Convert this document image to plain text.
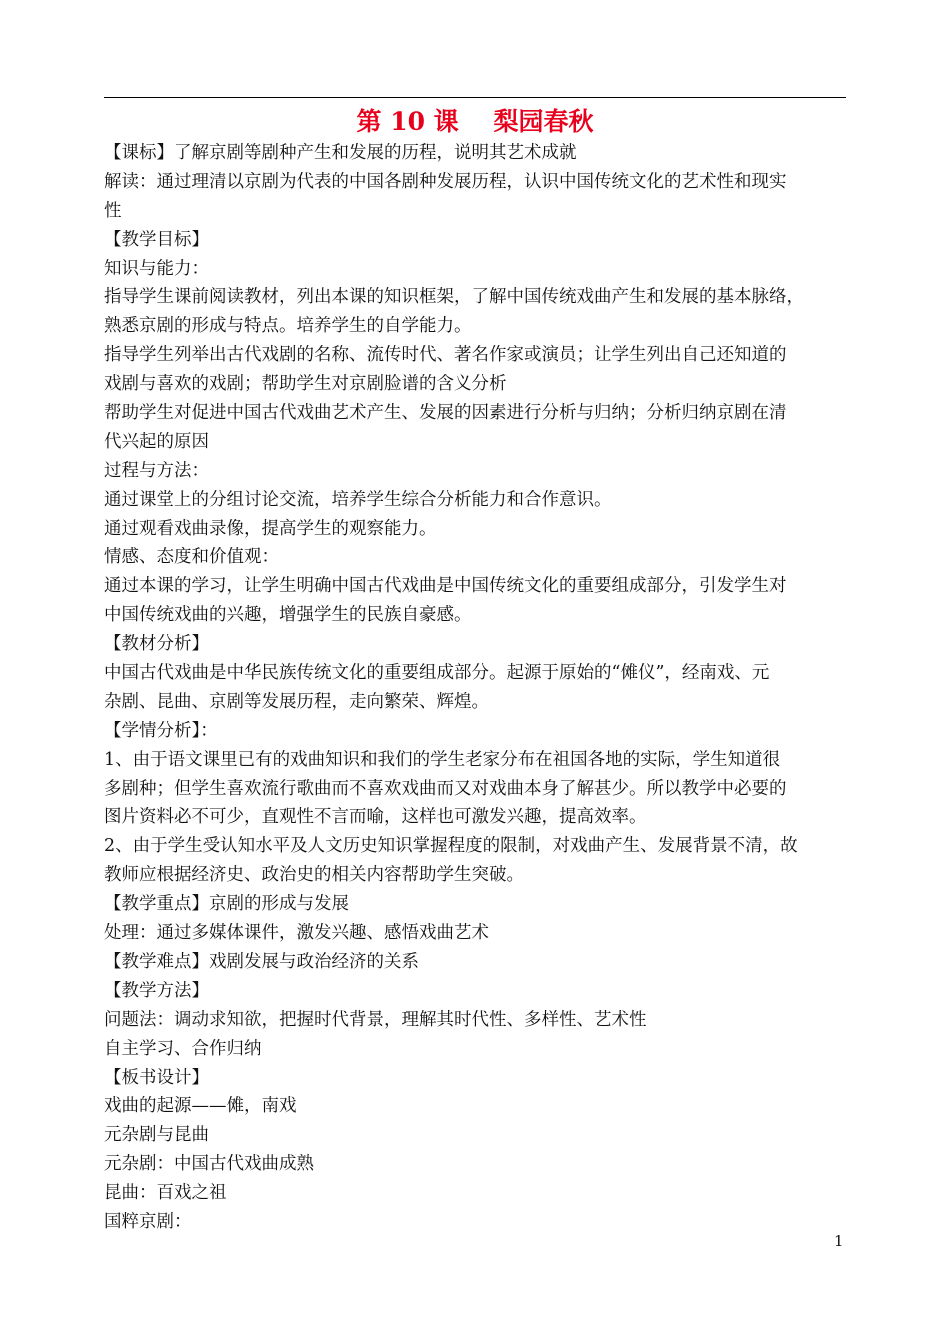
第 10 课    梨园春秋
【课标】了解京剧等剧种产生和发展的历程，说明其艺术成就
解读：通过理清以京剧为代表的中国各剧种发展历程，认识中国传统文化的艺术性和现实
性
【教学目标】
知识与能力：
指导学生课前阅读教材，列出本课的知识框架，了解中国传统戏曲产生和发展的基本脉络，
熟悉京剧的形成与特点。培养学生的自学能力。
指导学生列举出古代戏剧的名称、流传时代、著名作家或演员；让学生列出自己还知道的
戏剧与喜欢的戏剧；帮助学生对京剧脸谱的含义分析
帮助学生对促进中国古代戏曲艺术产生、发展的因素进行分析与归纳；分析归纳京剧在清
代兴起的原因
过程与方法：
通过课堂上的分组讨论交流，培养学生综合分析能力和合作意识。
通过观看戏曲录像，提高学生的观察能力。
情感、态度和价值观：
通过本课的学习，让学生明确中国古代戏曲是中国传统文化的重要组成部分，引发学生对
中国传统戏曲的兴趣，增强学生的民族自豪感。
【教材分析】
中国古代戏曲是中华民族传统文化的重要组成部分。起源于原始的“傩仪”，经南戏、元
杂剧、昆曲、京剧等发展历程，走向繁荣、辉煌。
【学情分析】：
1、由于语文课里已有的戏曲知识和我们的学生老家分布在祖国各地的实际，学生知道很
多剧种；但学生喜欢流行歌曲而不喜欢戏曲而又对戏曲本身了解甚少。所以教学中必要的
图片资料必不可少，直观性不言而喻，这样也可激发兴趣，提高效率。
2、由于学生受认知水平及人文历史知识掌握程度的限制，对戏曲产生、发展背景不清，故
教师应根据经济史、政治史的相关内容帮助学生突破。
【教学重点】京剧的形成与发展
处理：通过多媒体课件，激发兴趣、感悟戏曲艺术
【教学难点】戏剧发展与政治经济的关系
【教学方法】
问题法：调动求知欲，把握时代背景，理解其时代性、多样性、艺术性
自主学习、合作归纳
【板书设计】
戏曲的起源——傩，南戏
元杂剧与昆曲
元杂剧：中国古代戏曲成熟
昆曲：百戏之祖
国粹京剧：
1
